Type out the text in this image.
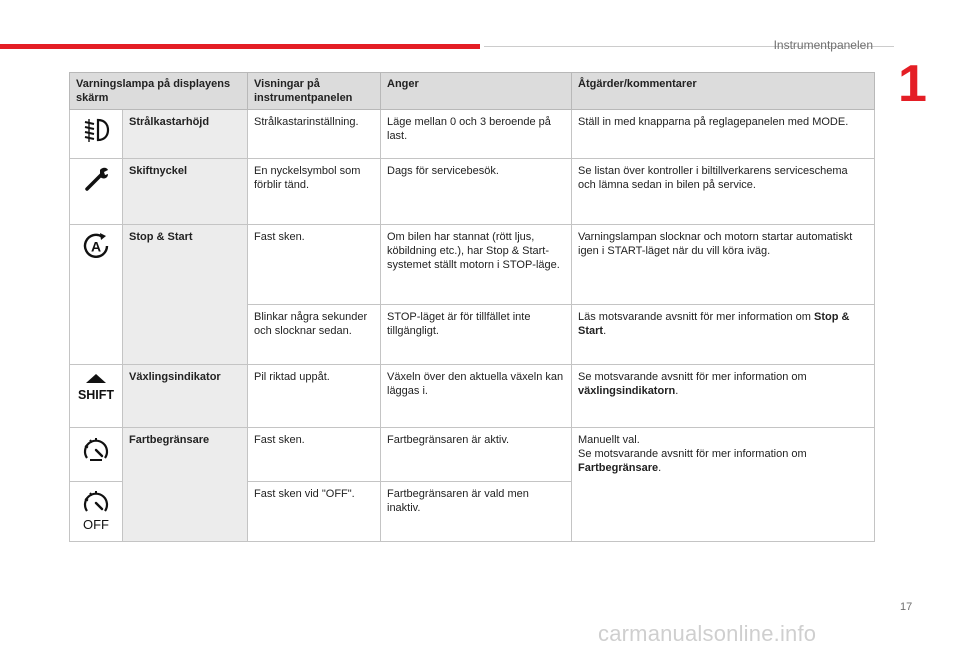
Instrumentpanelen
1
Varningslampa på displayens skärm		Visningar på instrumentpanelen	Anger	Åtgärder/kommentarer

	Strålkastarhöjd	Strålkastarinställning.	Läge mellan 0 och 3 beroende på last.	Ställ in med knapparna på reglagepanelen med MODE.

	Skiftnyckel	En nyckelsymbol som förblir tänd.	Dags för servicebesök.	Se listan över kontroller i biltillverkarens serviceschema och lämna sedan in bilen på service.

A	Stop & Start	Fast sken.	Om bilen har stannat (rött ljus, köbildning etc.), har Stop & Start-systemet ställt motorn i STOP-läge.	Varningslampan slocknar och motorn startar automatiskt igen i START-läget när du vill köra iväg.
		Blinkar några sekunder och slocknar sedan.	STOP-läget är för tillfället inte tillgängligt.	Läs motsvarande avsnitt för mer information om Stop & Start.

SHIFT	Växlingsindikator	Pil riktad uppåt.	Växeln över den aktuella växeln kan läggas i.	Se motsvarande avsnitt för mer information om växlingsindikatorn.

	Fartbegränsare	Fast sken.	Fartbegränsaren är aktiv.	Manuellt val.
Se motsvarande avsnitt för mer information om Fartbegränsare.

OFF		Fast sken vid "OFF".	Fartbegränsaren är vald men inaktiv.	
17
carmanualsonline.info
